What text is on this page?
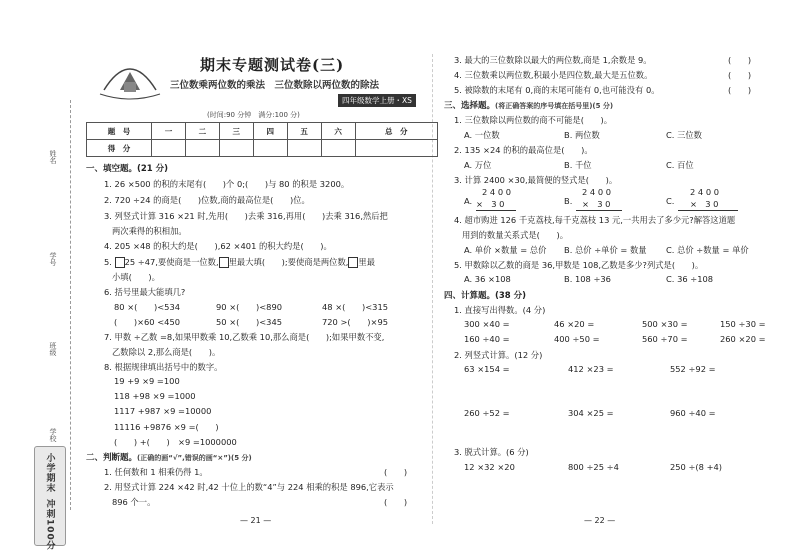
姓名
学号
班级
学校
小学期末
冲刺100分
期末专题测试卷(三)
三位数乘两位数的乘法　三位数除以两位数的除法
四年级数学上册・XS
(时间:90 分钟　满分:100 分)
题　号	一	二	三	四	五	六	总　分
得　分							
一、填空题。(21 分)
1. 26 ×500 的积的末尾有(　　)个 0;(　　)与 80 的积是 3200。
2. 720 ÷24 的商是(　　)位数,商的最高位是(　　)位。
3. 列竖式计算 316 ×21 时,先用(　　)去乘 316,再用(　　)去乘 316,然后把
两次乘得的积相加。
4. 205 ×48 的积大约是(　　),62 ×401 的积大约是(　　)。
5. 25 ÷47,要使商是一位数, 里最大填(　　);要使商是两位数, 里最
小填(　　)。
6. 括号里最大能填几?
80 ×(　　)<534	90 ×(　　)<890	48 ×(　　)<315
(　　)×60 <450	50 ×(　　)<345	720 >(　　)×95
7. 甲数 ÷乙数 =8,如果甲数乘 10,乙数乘 10,那么商是(　　);如果甲数不变,
乙数除以 2,那么商是(　　)。
8. 根据规律填出括号中的数字。
19 +9 ×9 =100
118 +98 ×9 =1000
1117 +987 ×9 =10000
11116 +9876 ×9 =(　　)
(　　) +(　　)　×9 =1000000
二、判断题。(正确的画“√”,错误的画“×”)(5 分)
1. 任何数和 1 相乘仍得 1。	(　　)
2. 用竖式计算 224 ×42 时,42 十位上的数“4”与 224 相乘的积是 896,它表示
896 个一。	(　　)
— 21 —
3. 最大的三位数除以最大的两位数,商是 1,余数是 9。	(　　)
4. 三位数乘以两位数,积最小是四位数,最大是五位数。	(　　)
5. 被除数的末尾有 0,商的末尾可能有 0,也可能没有 0。	(　　)
三、选择题。(将正确答案的序号填在括号里)(5 分)
1. 三位数除以两位数的商不可能是(　　)。
A. 一位数	B. 两位数	C. 三位数
2. 135 ×24 的积的最高位是(　　)。
A. 万位	B. 千位	C. 百位
3. 计算 2400 ×30,最简便的竖式是(　　)。
A.
2 4 0 0
×　3 0	B.
2 4 0 0
×　3 0	C.
2 4 0 0
×　3 0
4. 超市购进 126 千克荔枝,每千克荔枝 13 元,一共用去了多少元?解答这道题
用到的数量关系式是(　　)。
A. 单价 ×数量 = 总价 B. 总价 ÷单价 = 数量 C. 总价 ÷数量 = 单价
5. 甲数除以乙数的商是 36,甲数是 108,乙数是多少?列式是(　　)。
A. 36 ×108	B. 108 ÷36	C. 36 ÷108
四、计算题。(38 分)
1. 直接写出得数。(4 分)
300 ×40 =	46 ×20 =	500 ×30 =	150 ÷30 =
160 ÷40 =	400 ÷50 =	560 ÷70 =	260 ×20 =
2. 列竖式计算。(12 分)
63 ×154 =	412 ×23 =	552 ÷92 =
260 ÷52 =	304 ×25 =	960 ÷40 =
3. 脱式计算。(6 分)
12 ×32 ×20	800 ÷25 ÷4	250 ÷(8 +4)
— 22 —
